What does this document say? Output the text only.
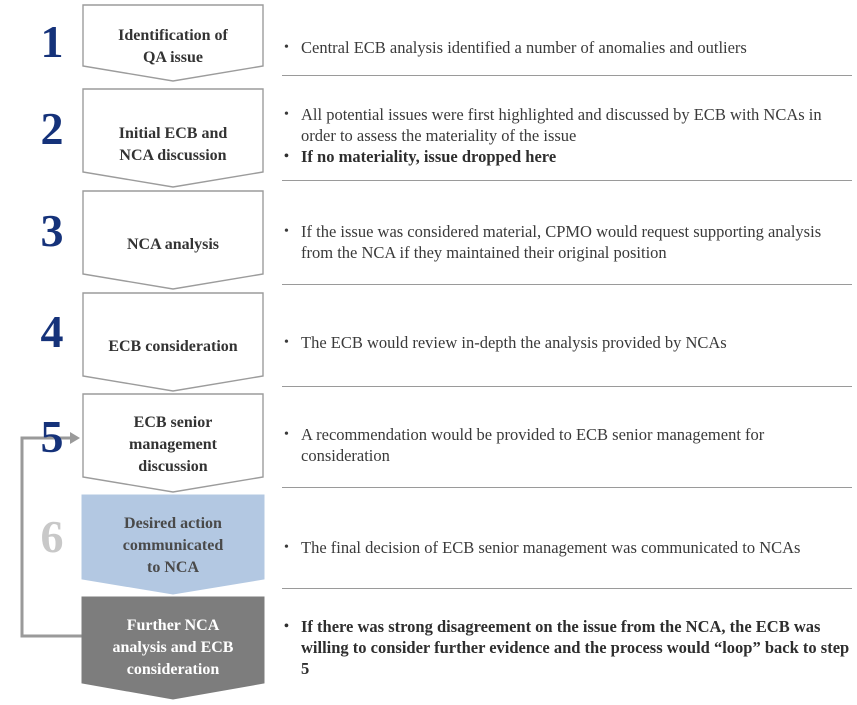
1	Identification of
QA issue	• Central ECB analysis identified a number of anomalies and outliers
2	Initial ECB and
NCA discussion
• All potential issues were first highlighted and discussed by ECB with NCAs in order to assess the materiality of the issue
• If no materiality, issue dropped here
3	NCA analysis
• If the issue was considered material, CPMO would request supporting analysis from the NCA if they maintained their original position
4	ECB consideration	• The ECB would review in-depth the analysis provided by NCAs
5	ECB senior
management
discussion
• A recommendation would be provided to ECB senior management for consideration
6	Desired action
communicated
to NCA
• The final decision of ECB senior management was communicated to NCAs
Further NCA
analysis and ECB
consideration
• If there was strong disagreement on the issue from the NCA, the ECB was willing to consider further evidence and the process would “loop” back to step 5
